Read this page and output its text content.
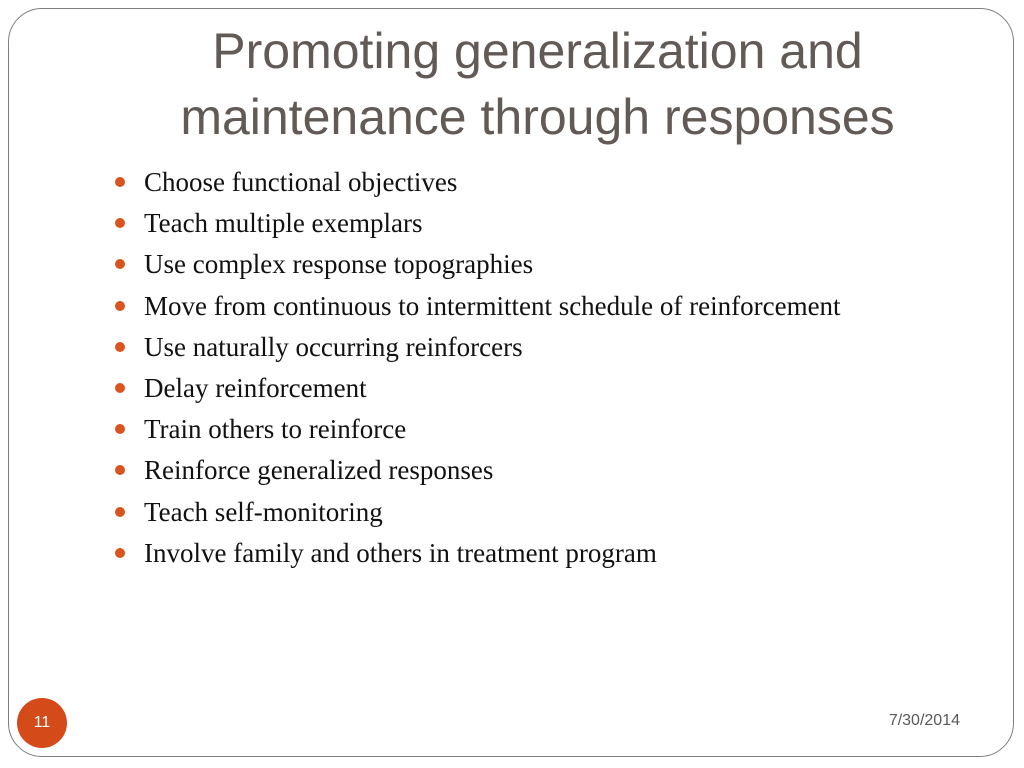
Promoting generalization and
maintenance through responses
Choose functional objectives
Teach multiple exemplars
Use complex response topographies
Move from continuous to intermittent schedule of reinforcement
Use naturally occurring reinforcers
Delay reinforcement
Train others to reinforce
Reinforce generalized responses
Teach self-monitoring
Involve family and others in treatment program
11	7/30/2014
